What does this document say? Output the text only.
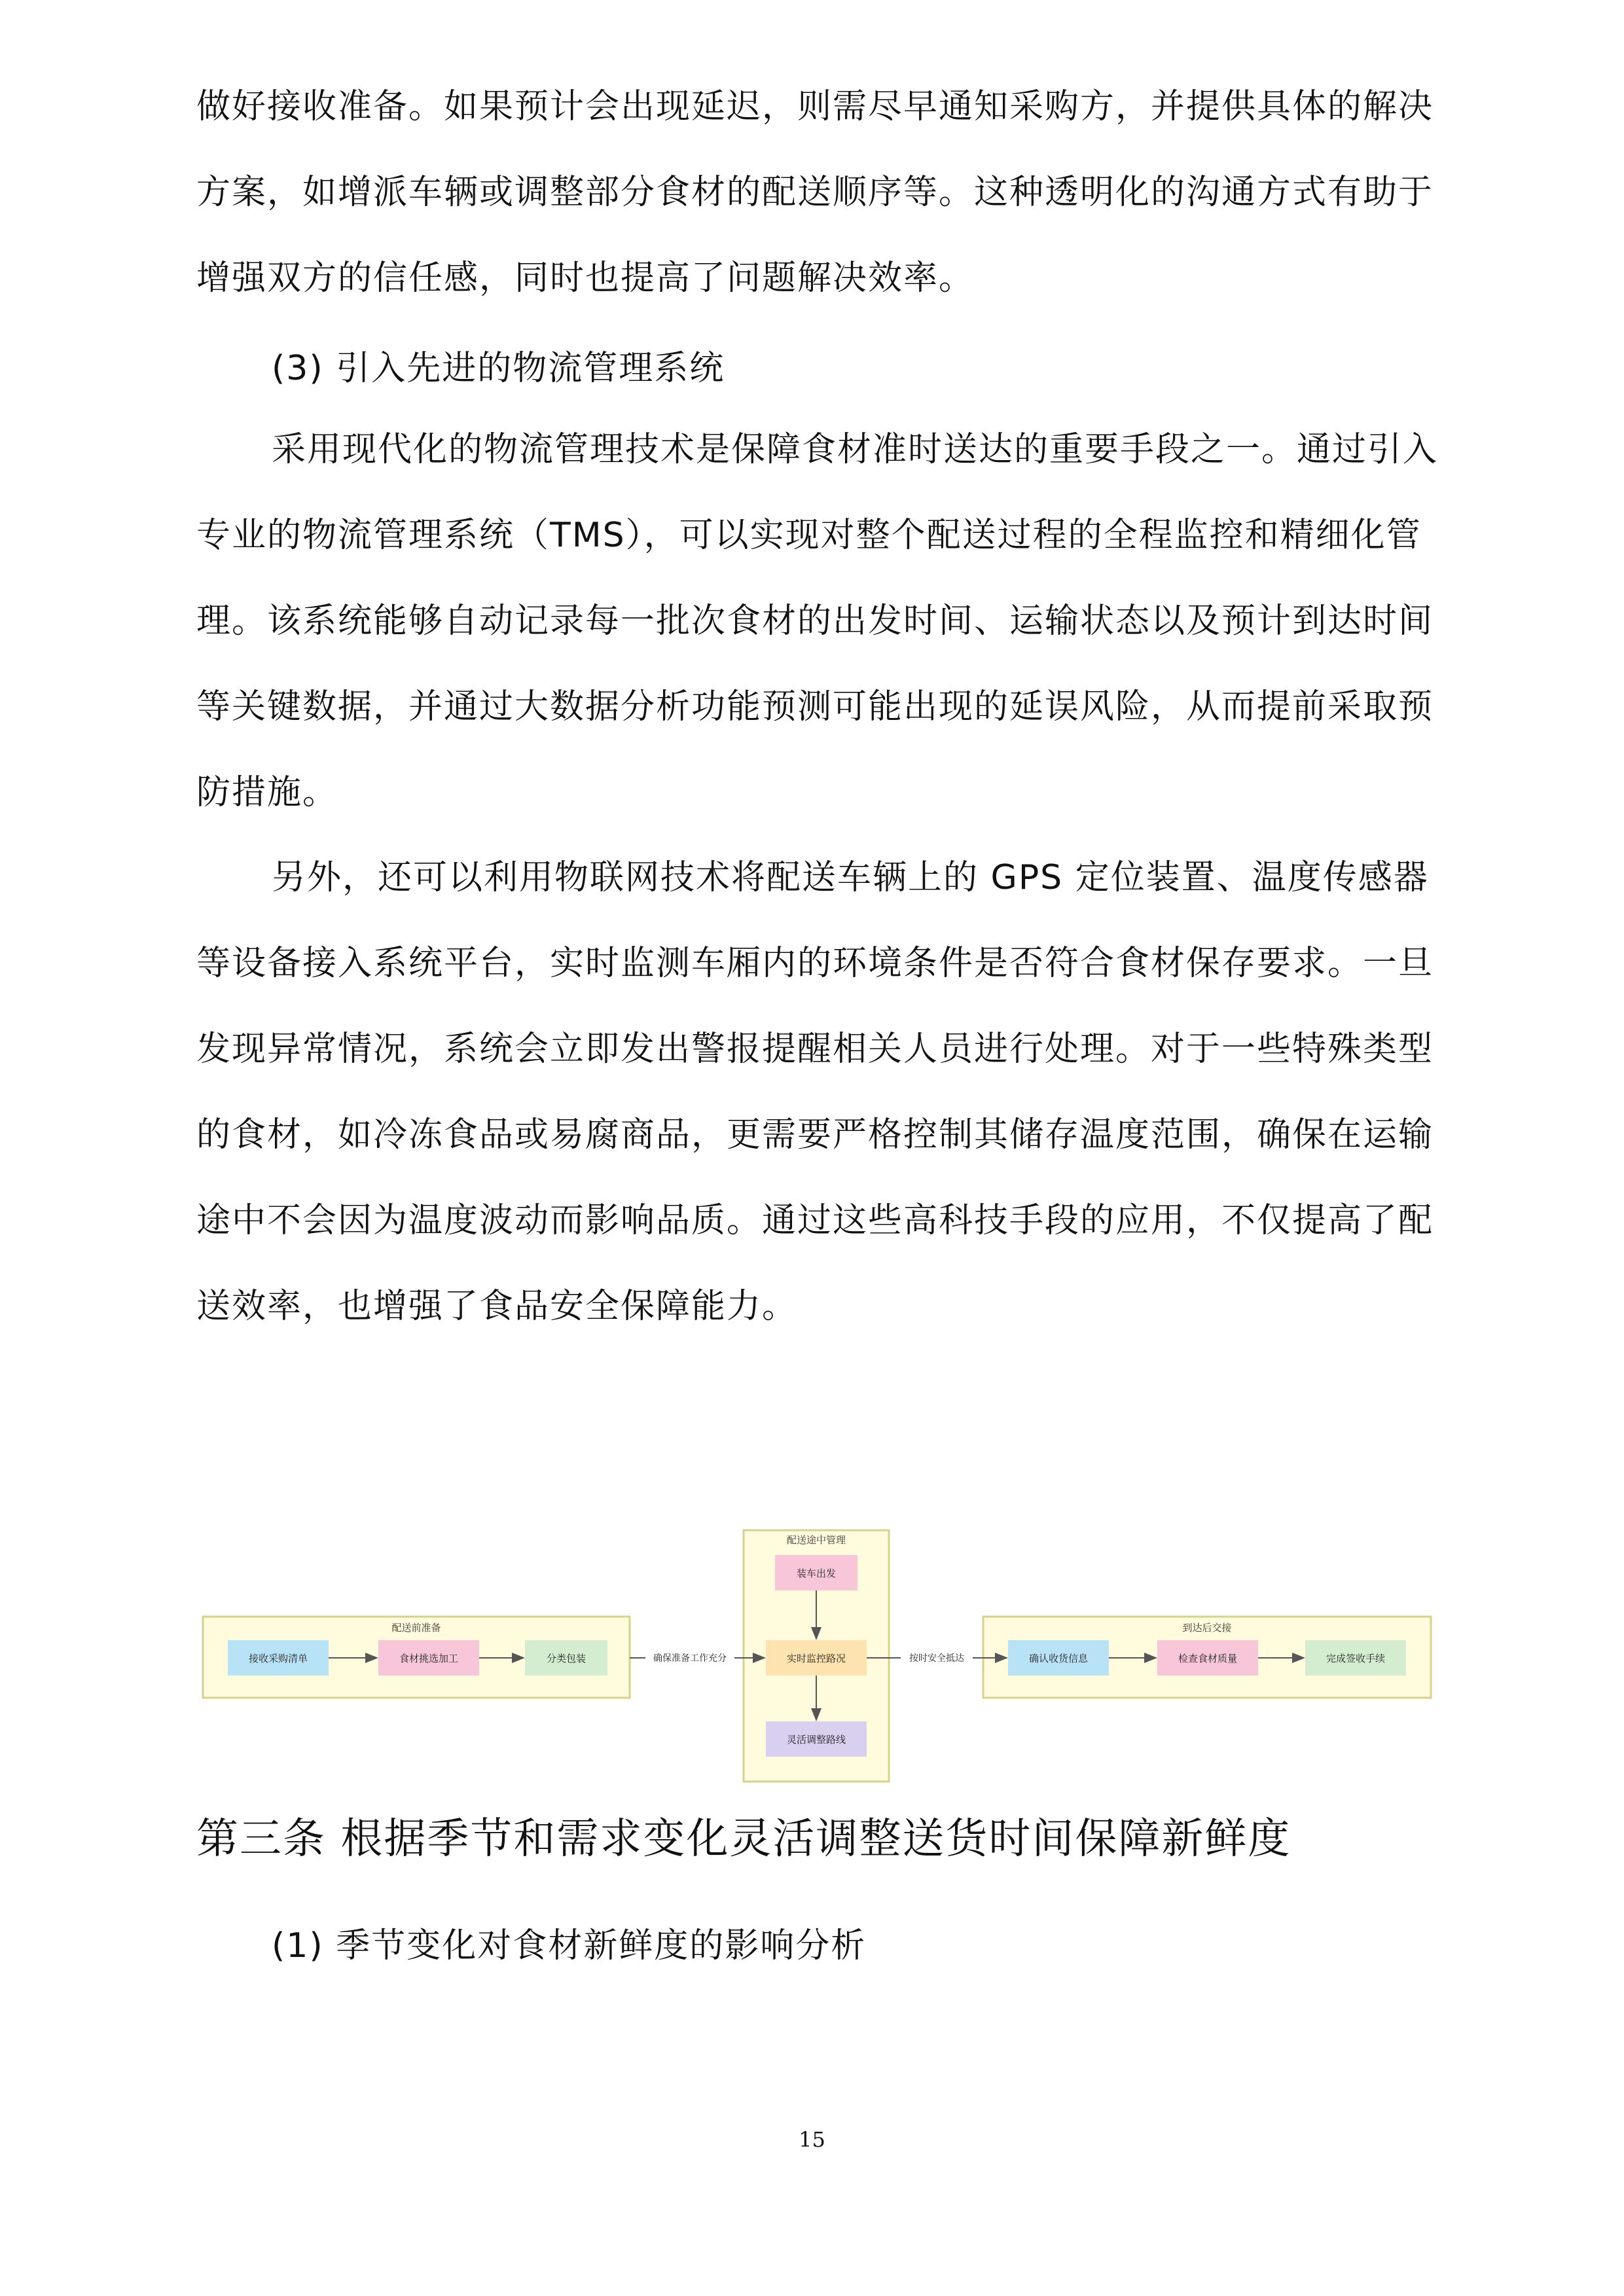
做好接收准备。如果预计会出现延迟，则需尽早通知采购方，并提供具体的解决方案，如增派车辆或调整部分食材的配送顺序等。这种透明化的沟通方式有助于增强双方的信任感，同时也提高了问题解决效率。

(3) 引入先进的物流管理系统

采用现代化的物流管理技术是保障食材准时送达的重要手段之一。通过引入专业的物流管理系统（TMS），可以实现对整个配送过程的全程监控和精细化管理。该系统能够自动记录每一批次食材的出发时间、运输状态以及预计到达时间等关键数据，并通过大数据分析功能预测可能出现的延误风险，从而提前采取预防措施。

另外，还可以利用物联网技术将配送车辆上的 GPS 定位装置、温度传感器等设备接入系统平台，实时监测车厢内的环境条件是否符合食材保存要求。一旦发现异常情况，系统会立即发出警报提醒相关人员进行处理。对于一些特殊类型的食材，如冷冻食品或易腐商品，更需要严格控制其储存温度范围，确保在运输途中不会因为温度波动而影响品质。通过这些高科技手段的应用，不仅提高了配送效率，也增强了食品安全保障能力。

配送前准备
配送途中管理
到达后交接
接收采购清单	食材挑选加工	分类包装
装车出发
实时监控路况
灵活调整路线
确认收货信息	检查食材质量	完成签收手续
确保准备工作充分	按时安全抵达
第三条 根据季节和需求变化灵活调整送货时间保障新鲜度

(1) 季节变化对食材新鲜度的影响分析

15
